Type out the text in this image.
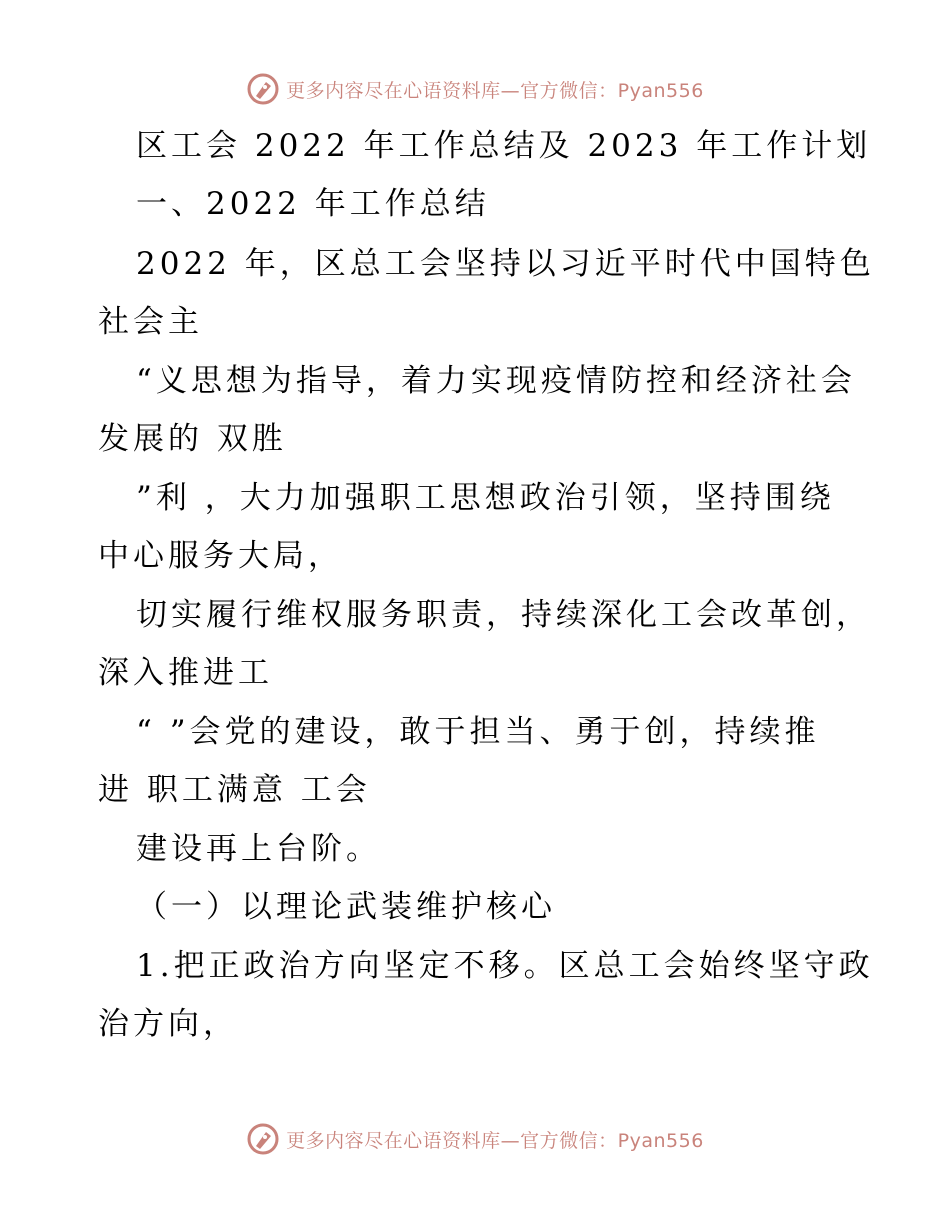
更多内容尽在心语资料库—官方微信：Pyan556
区工会 2022 年工作总结及 2023 年工作计划
一、2022 年工作总结
2022 年，区总工会坚持以习近平时代中国特色
社会主
“义思想为指导，着力实现疫情防控和经济社会
发展的 双胜
”利 ，大力加强职工思想政治引领，坚持围绕
中心服务大局，
切实履行维权服务职责，持续深化工会改革创，
深入推进工
“ ”会党的建设，敢于担当、勇于创，持续推
进 职工满意 工会
建设再上台阶。
（一）以理论武装维护核心
1.把正政治方向坚定不移。区总工会始终坚守政
治方向，
更多内容尽在心语资料库—官方微信：Pyan556
